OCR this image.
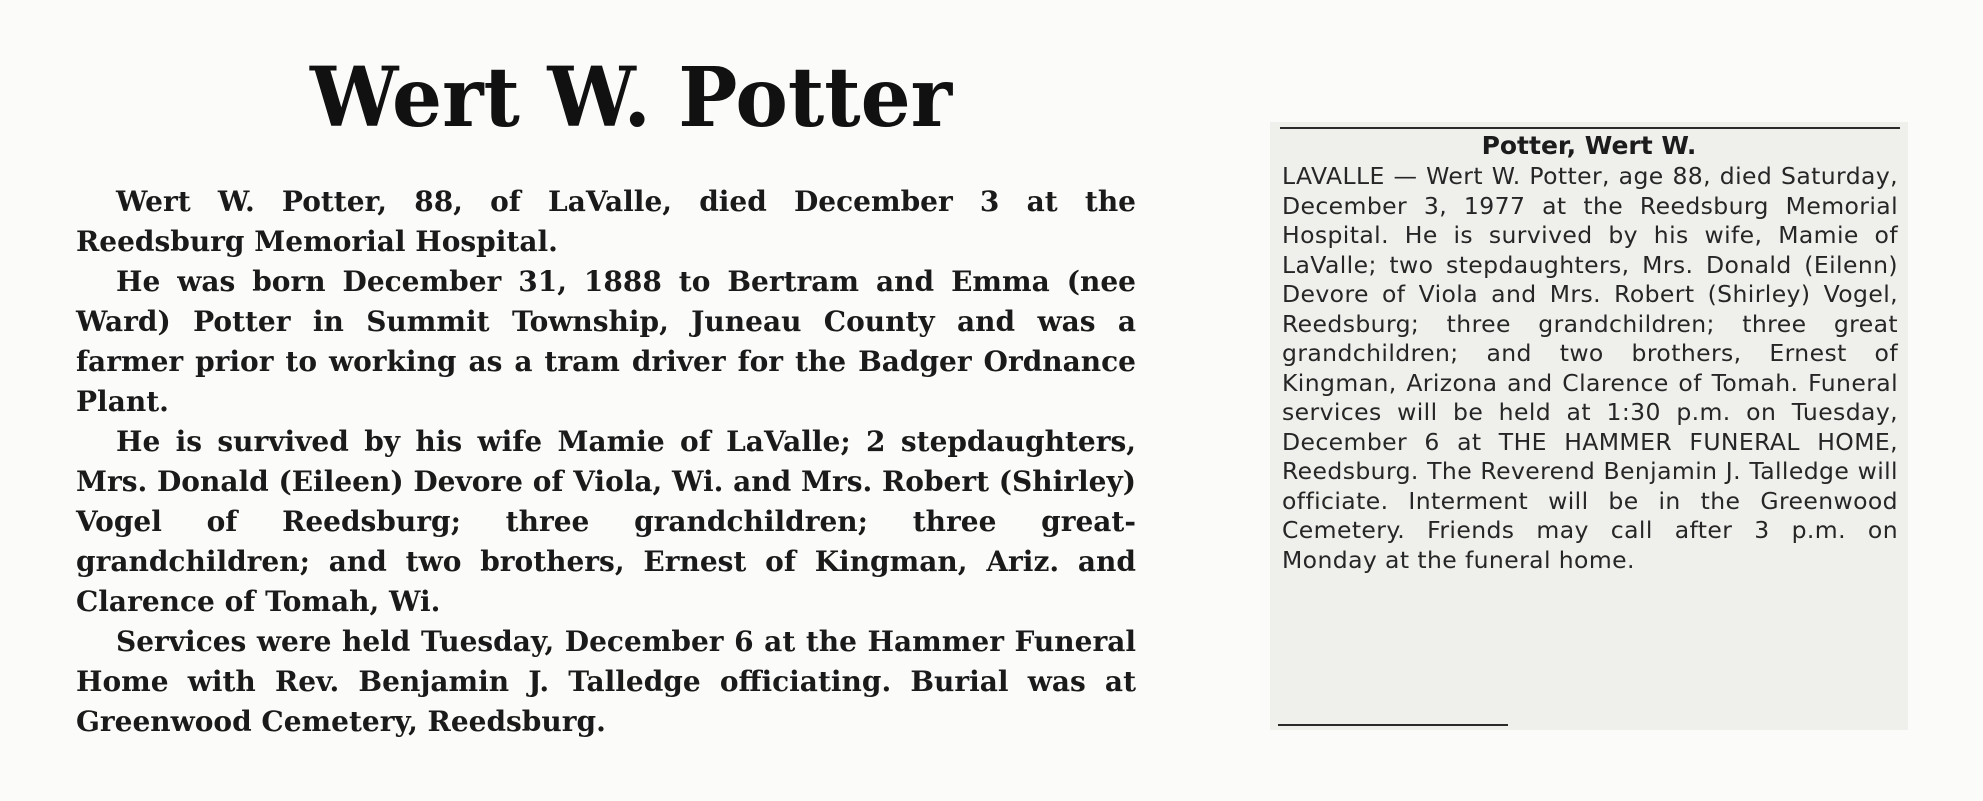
Wert W. Potter

Wert W. Potter, 88, of LaValle, died December 3 at the Reedsburg Memorial Hospital.

He was born December 31, 1888 to Bertram and Emma (nee Ward) Potter in Summit Township, Juneau County and was a farmer prior to working as a tram driver for the Badger Ordnance Plant.

He is survived by his wife Mamie of LaValle; 2 stepdaughters, Mrs. Donald (Eileen) Devore of Viola, Wi. and Mrs. Robert (Shirley) Vogel of Reedsburg; three grandchildren; three great-grandchildren; and two brothers, Ernest of Kingman, Ariz. and Clarence of Tomah, Wi.

Services were held Tuesday, December 6 at the Hammer Funeral Home with Rev. Benjamin J. Talledge officiating. Burial was at Greenwood Cemetery, Reedsburg.

Potter, Wert W.

LAVALLE — Wert W. Potter, age 88, died Saturday, December 3, 1977 at the Reedsburg Memorial Hospital. He is survived by his wife, Mamie of LaValle; two stepdaughters, Mrs. Donald (Eilenn) Devore of Viola and Mrs. Robert (Shirley) Vogel, Reedsburg; three grandchildren; three great grandchildren; and two brothers, Ernest of Kingman, Arizona and Clarence of Tomah. Funeral services will be held at 1:30 p.m. on Tuesday, December 6 at THE HAMMER FUNERAL HOME, Reedsburg. The Reverend Benjamin J. Talledge will officiate. Interment will be in the Greenwood Cemetery. Friends may call after 3 p.m. on Monday at the funeral home.
